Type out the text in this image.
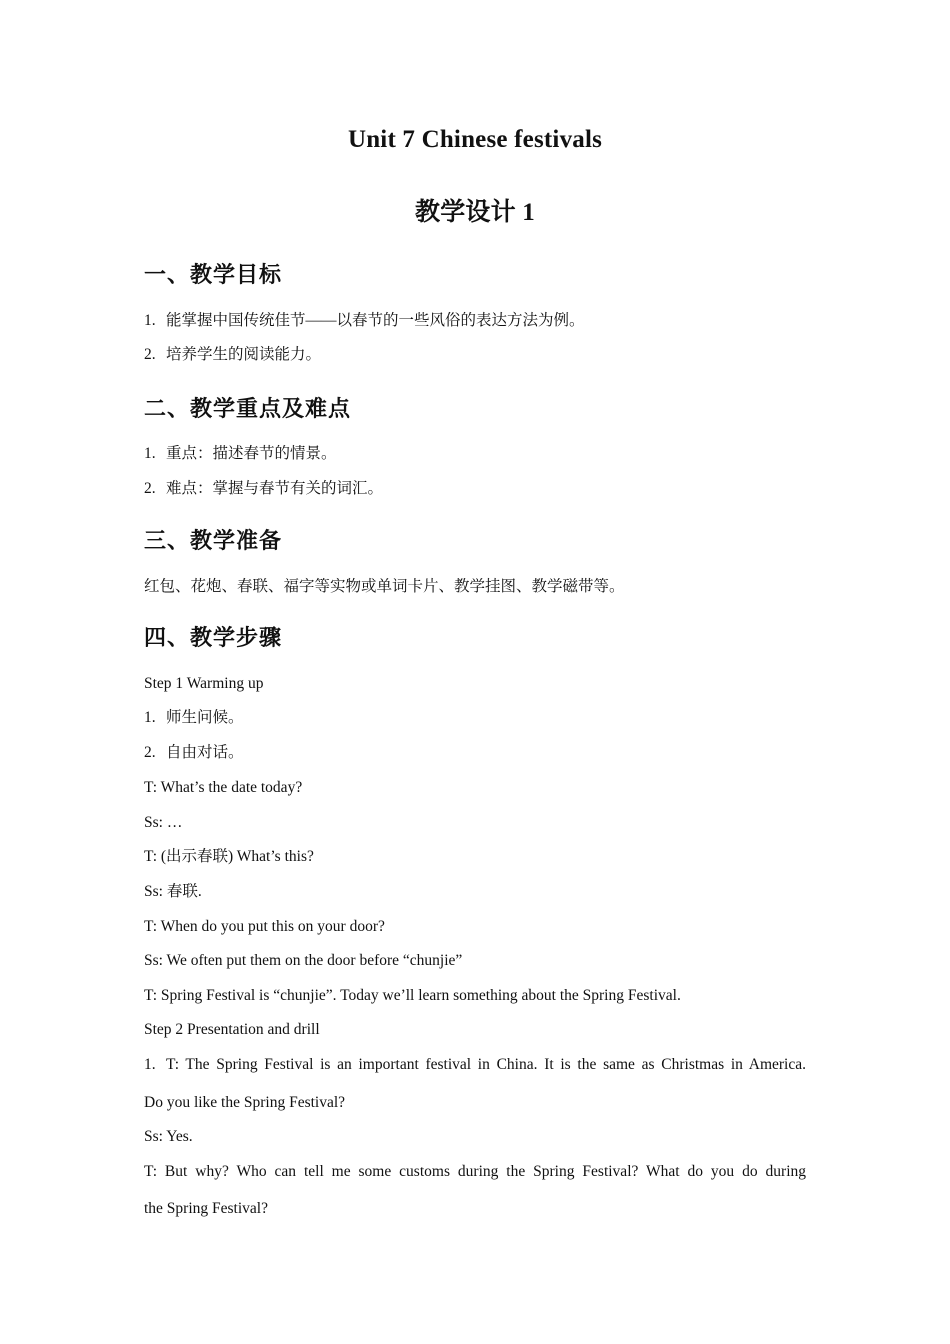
Unit 7 Chinese festivals
教学设计 1
一、教学目标
1. 能掌握中国传统佳节——以春节的一些风俗的表达方法为例。
2. 培养学生的阅读能力。
二、教学重点及难点
1. 重点：描述春节的情景。
2. 难点：掌握与春节有关的词汇。
三、教学准备
红包、花炮、春联、福字等实物或单词卡片、教学挂图、教学磁带等。
四、教学步骤
Step 1 Warming up
1. 师生问候。
2. 自由对话。
T: What’s the date today?
Ss: …
T: (出示春联) What’s this?
Ss: 春联.
T: When do you put this on your door?
Ss: We often put them on the door before “chunjie”
T: Spring Festival is “chunjie”. Today we’ll learn something about the Spring Festival.
Step 2 Presentation and drill
1. T: The Spring Festival is an important festival in China. It is the same as Christmas in America.
Do you like the Spring Festival?
Ss: Yes.
T: But why? Who can tell me some customs during the Spring Festival? What do you do during
the Spring Festival?
